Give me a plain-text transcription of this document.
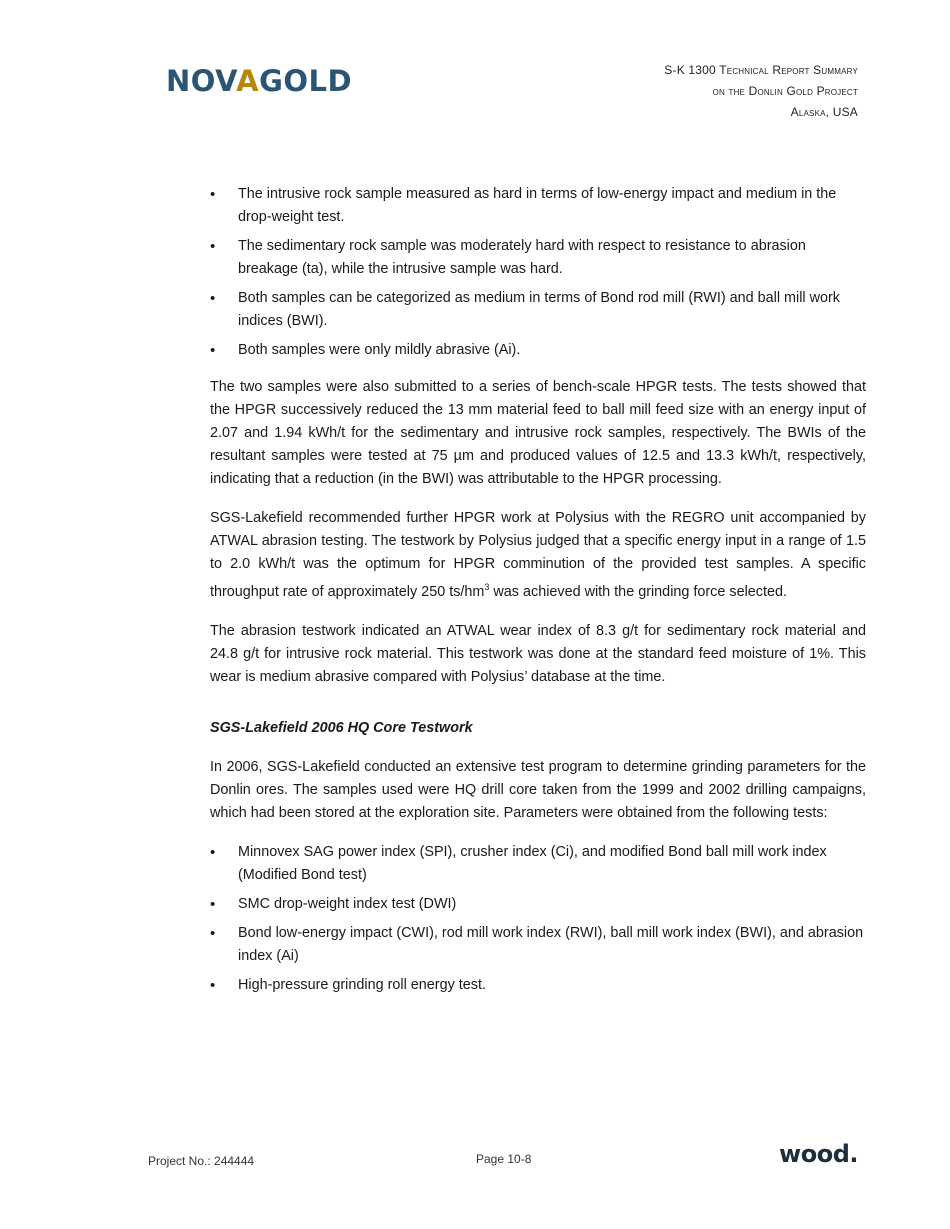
NOVAGOLD	S-K 1300 Technical Report Summary
on the Donlin Gold Project
Alaska, USA
• The intrusive rock sample measured as hard in terms of low-energy impact and medium in the drop-weight test.
• The sedimentary rock sample was moderately hard with respect to resistance to abrasion breakage (ta), while the intrusive sample was hard.
• Both samples can be categorized as medium in terms of Bond rod mill (RWI) and ball mill work indices (BWI).
• Both samples were only mildly abrasive (Ai).

The two samples were also submitted to a series of bench-scale HPGR tests. The tests showed that the HPGR successively reduced the 13 mm material feed to ball mill feed size with an energy input of 2.07 and 1.94 kWh/t for the sedimentary and intrusive rock samples, respectively. The BWIs of the resultant samples were tested at 75 µm and produced values of 12.5 and 13.3 kWh/t, respectively, indicating that a reduction (in the BWI) was attributable to the HPGR processing.

SGS-Lakefield recommended further HPGR work at Polysius with the REGRO unit accompanied by ATWAL abrasion testing. The testwork by Polysius judged that a specific energy input in a range of 1.5 to 2.0 kWh/t was the optimum for HPGR comminution of the provided test samples. A specific throughput rate of approximately 250 $ts/hm^3$ was achieved with the grinding force selected.

The abrasion testwork indicated an ATWAL wear index of 8.3 g/t for sedimentary rock material and 24.8 g/t for intrusive rock material. This testwork was done at the standard feed moisture of 1%. This wear is medium abrasive compared with Polysius’ database at the time.

SGS-Lakefield 2006 HQ Core Testwork

In 2006, SGS-Lakefield conducted an extensive test program to determine grinding parameters for the Donlin ores. The samples used were HQ drill core taken from the 1999 and 2002 drilling campaigns, which had been stored at the exploration site. Parameters were obtained from the following tests:

• Minnovex SAG power index (SPI), crusher index (Ci), and modified Bond ball mill work index (Modified Bond test)
• SMC drop-weight index test (DWI)
• Bond low-energy impact (CWI), rod mill work index (RWI), ball mill work index (BWI), and abrasion index (Ai)
• High-pressure grinding roll energy test.
Project No.: 244444	Page 10-8	wood.
